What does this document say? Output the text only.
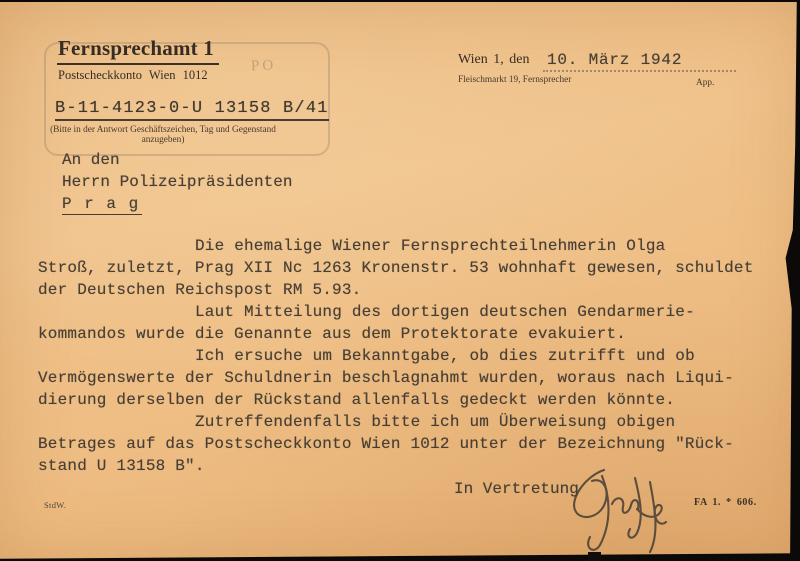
PO
Fernsprechamt 1
Postscheckkonto Wien 1012
B-11-4123-0-U 13158 B/41
(Bitte in der Antwort Geschäftszeichen, Tag und Gegenstand
anzugeben)
Wien 1, den 10. März 1942
Fleischmarkt 19, Fernsprecher	App.
An den
Herrn Polizeipräsidenten
P r a g
Die ehemalige Wiener Fernsprechteilnehmerin Olga
Stroß, zuletzt, Prag XII Nc 1263 Kronenstr. 53 wohnhaft gewesen, schuldet
der Deutschen Reichspost RM 5.93.
Laut Mitteilung des dortigen deutschen Gendarmerie-
kommandos wurde die Genannte aus dem Protektorate evakuiert.
Ich ersuche um Bekanntgabe, ob dies zutrifft und ob
Vermögenswerte der Schuldnerin beschlagnahmt wurden, woraus nach Liqui-
dierung derselben der Rückstand allenfalls gedeckt werden könnte.
Zutreffendenfalls bitte ich um Überweisung obigen
Betrages auf das Postscheckkonto Wien 1012 unter der Bezeichnung "Rück-
stand U 13158 B".
In Vertretung
StdW.	FA 1. * 606.
